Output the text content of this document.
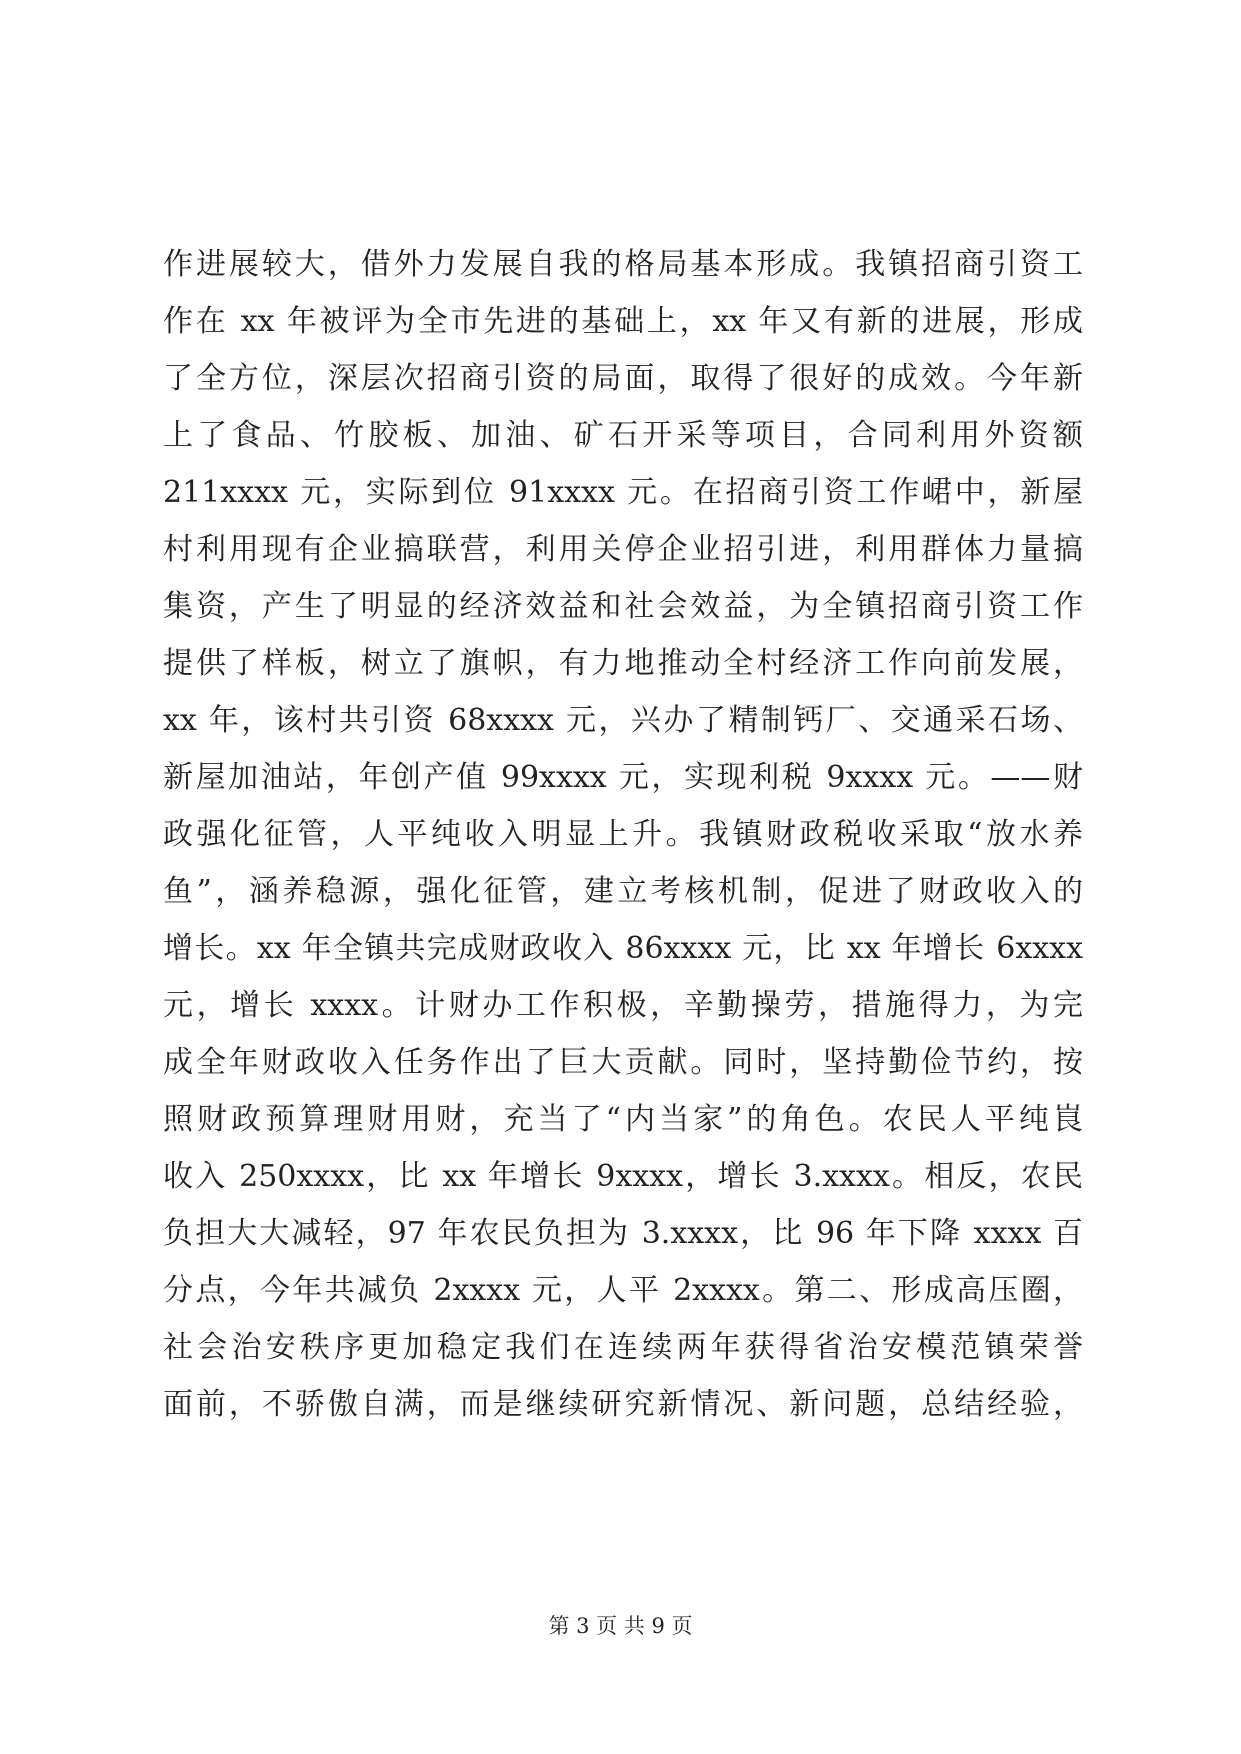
作进展较大，借外力发展自我的格局基本形成。我镇招商引资工
作在 xx 年被评为全市先进的基础上，xx 年又有新的进展，形成
了全方位，深层次招商引资的局面，取得了很好的成效。今年新
上了食品、竹胶板、加油、矿石开采等项目，合同利用外资额
211xxxx 元，实际到位 91xxxx 元。在招商引资工作峮中，新屋
村利用现有企业搞联营，利用关停企业招引进，利用群体力量搞
集资，产生了明显的经济效益和社会效益，为全镇招商引资工作
提供了样板，树立了旗帜，有力地推动全村经济工作向前发展，
xx 年，该村共引资 68xxxx 元，兴办了精制钙厂、交通采石场、
新屋加油站，年创产值 99xxxx 元，实现利税 9xxxx 元。——财
政强化征管，人平纯收入明显上升。我镇财政税收采取“放水养
鱼”，涵养稳源，强化征管，建立考核机制，促进了财政收入的
增长。xx 年全镇共完成财政收入 86xxxx 元，比 xx 年增长 6xxxx
元，增长 xxxx。计财办工作积极，辛勤操劳，措施得力，为完
成全年财政收入任务作出了巨大贡献。同时，坚持勤俭节约，按
照财政预算理财用财，充当了“内当家”的角色。农民人平纯峎
收入 250xxxx，比 xx 年增长 9xxxx，增长 3.xxxx。相反，农民
负担大大减轻，97 年农民负担为 3.xxxx，比 96 年下降 xxxx 百
分点，今年共减负 2xxxx 元，人平 2xxxx。第二、形成高压圈，
社会治安秩序更加稳定我们在连续两年获得省治安模范镇荣誉
面前，不骄傲自满，而是继续研究新情况、新问题，总结经验，
第 3 页 共 9 页
